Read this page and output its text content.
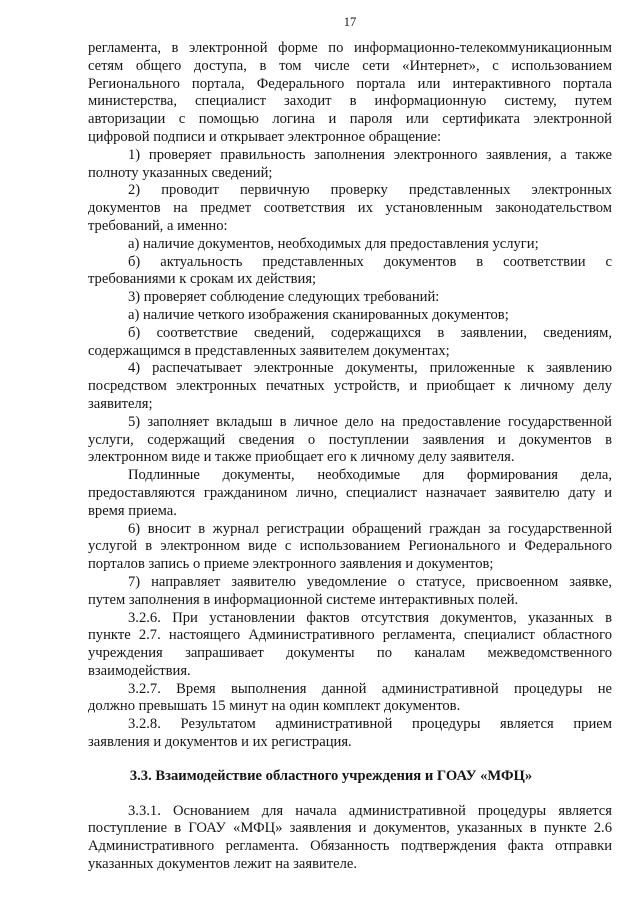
17
регламента, в электронной форме по информационно-телекоммуникационным
сетям общего доступа, в том числе сети «Интернет», с использованием
Регионального портала, Федерального портала или интерактивного портала
министерства, специалист заходит в информационную систему, путем
авторизации с помощью логина и пароля или сертификата электронной
цифровой подписи и открывает электронное обращение:
1) проверяет правильность заполнения электронного заявления, а также
полноту указанных сведений;
2) проводит первичную проверку представленных электронных
документов на предмет соответствия их установленным законодательством
требований, а именно:
а) наличие документов, необходимых для предоставления услуги;
б) актуальность представленных документов в соответствии с
требованиями к срокам их действия;
3) проверяет соблюдение следующих требований:
а) наличие четкого изображения сканированных документов;
б) соответствие сведений, содержащихся в заявлении, сведениям,
содержащимся в представленных заявителем документах;
4) распечатывает электронные документы, приложенные к заявлению
посредством электронных печатных устройств, и приобщает к личному делу
заявителя;
5) заполняет вкладыш в личное дело на предоставление государственной
услуги, содержащий сведения о поступлении заявления и документов в
электронном виде и также приобщает его к личному делу заявителя.
Подлинные документы, необходимые для формирования дела,
предоставляются гражданином лично, специалист назначает заявителю дату и
время приема.
6) вносит в журнал регистрации обращений граждан за государственной
услугой в электронном виде с использованием Регионального и Федерального
порталов запись о приеме электронного заявления и документов;
7) направляет заявителю уведомление о статусе, присвоенном заявке,
путем заполнения в информационной системе интерактивных полей.
3.2.6. При установлении фактов отсутствия документов, указанных в
пункте 2.7. настоящего Административного регламента, специалист областного
учреждения запрашивает документы по каналам межведомственного
взаимодействия.
3.2.7. Время выполнения данной административной процедуры не
должно превышать 15 минут на один комплект документов.
3.2.8. Результатом административной процедуры является прием
заявления и документов и их регистрация.
3.3. Взаимодействие областного учреждения и ГОАУ «МФЦ»
3.3.1. Основанием для начала административной процедуры является
поступление в ГОАУ «МФЦ» заявления и документов, указанных в пункте 2.6
Административного регламента. Обязанность подтверждения факта отправки
указанных документов лежит на заявителе.
